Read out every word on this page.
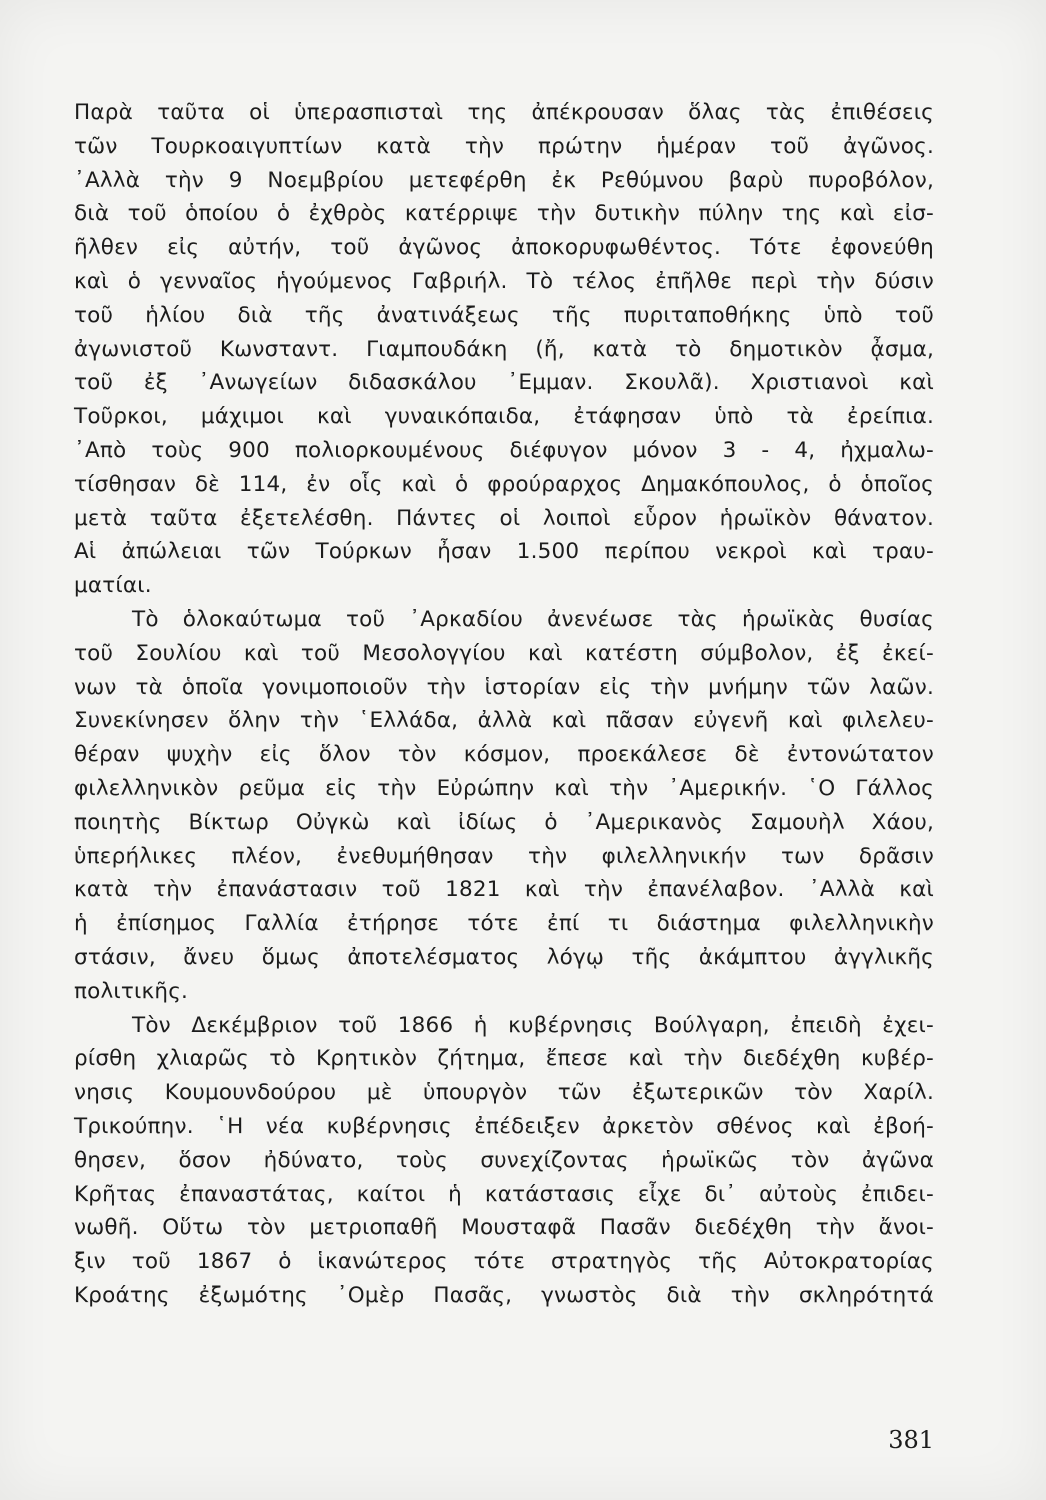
Παρὰ ταῦτα οἱ ὑπερασπισταὶ της ἀπέκρουσαν ὅλας τὰς ἐπιθέσεις
τῶν Τουρκοαιγυπτίων κατὰ τὴν πρώτην ἡμέραν τοῦ ἀγῶνος.
᾿Αλλὰ τὴν 9 Νοεμβρίου μετεφέρθη ἐκ Ρεθύμνου βαρὺ πυροβόλον,
διὰ τοῦ ὁποίου ὁ ἐχθρὸς κατέρριψε τὴν δυτικὴν πύλην της καὶ εἰσ-
ῆλθεν εἰς αὐτήν, τοῦ ἀγῶνος ἀποκορυφωθέντος. Τότε ἐφονεύθη
καὶ ὁ γενναῖος ἡγούμενος Γαβριήλ. Τὸ τέλος ἐπῆλθε περὶ τὴν δύσιν
τοῦ ἡλίου διὰ τῆς ἀνατινάξεως τῆς πυριταποθήκης ὑπὸ τοῦ
ἀγωνιστοῦ Κωνσταντ. Γιαμπουδάκη (ἤ, κατὰ τὸ δημοτικὸν ᾆσμα,
τοῦ ἐξ ᾿Ανωγείων διδασκάλου ᾿Εμμαν. Σκουλᾶ). Χριστιανοὶ καὶ
Τοῦρκοι, μάχιμοι καὶ γυναικόπαιδα, ἐτάφησαν ὑπὸ τὰ ἐρείπια.
᾿Απὸ τοὺς 900 πολιορκουμένους διέφυγον μόνον 3 - 4, ἠχμαλω-
τίσθησαν δὲ 114, ἐν οἷς καὶ ὁ φρούραρχος Δημακόπουλος, ὁ ὁποῖος
μετὰ ταῦτα ἐξετελέσθη. Πάντες οἱ λοιποὶ εὗρον ἡρωϊκὸν θάνατον.
Αἱ ἀπώλειαι τῶν Τούρκων ἦσαν 1.500 περίπου νεκροὶ καὶ τραυ-
ματίαι.
Τὸ ὁλοκαύτωμα τοῦ ᾿Αρκαδίου ἀνενέωσε τὰς ἡρωϊκὰς θυσίας
τοῦ Σουλίου καὶ τοῦ Μεσολογγίου καὶ κατέστη σύμβολον, ἐξ ἐκεί-
νων τὰ ὁποῖα γονιμοποιοῦν τὴν ἱστορίαν εἰς τὴν μνήμην τῶν λαῶν.
Συνεκίνησεν ὅλην τὴν ῾Ελλάδα, ἀλλὰ καὶ πᾶσαν εὐγενῆ καὶ φιλελευ-
θέραν ψυχὴν εἰς ὅλον τὸν κόσμον, προεκάλεσε δὲ ἐντονώτατον
φιλελληνικὸν ρεῦμα εἰς τὴν Εὐρώπην καὶ τὴν ᾿Αμερικήν. ῾Ο Γάλλος
ποιητὴς Βίκτωρ Οὐγκὼ καὶ ἰδίως ὁ ᾿Αμερικανὸς Σαμουὴλ Χάου,
ὑπερήλικες πλέον, ἐνεθυμήθησαν τὴν φιλελληνικήν των δρᾶσιν
κατὰ τὴν ἐπανάστασιν τοῦ 1821 καὶ τὴν ἐπανέλαβον. ᾿Αλλὰ καὶ
ἡ ἐπίσημος Γαλλία ἐτήρησε τότε ἐπί τι διάστημα φιλελληνικὴν
στάσιν, ἄνευ ὅμως ἀποτελέσματος λόγῳ τῆς ἀκάμπτου ἀγγλικῆς
πολιτικῆς.
Τὸν Δεκέμβριον τοῦ 1866 ἡ κυβέρνησις Βούλγαρη, ἐπειδὴ ἐχει-
ρίσθη χλιαρῶς τὸ Κρητικὸν ζήτημα, ἔπεσε καὶ τὴν διεδέχθη κυβέρ-
νησις Κουμουνδούρου μὲ ὑπουργὸν τῶν ἐξωτερικῶν τὸν Χαρίλ.
Τρικούπην. ῾Η νέα κυβέρνησις ἐπέδειξεν ἀρκετὸν σθένος καὶ ἐβοή-
θησεν, ὅσον ἠδύνατο, τοὺς συνεχίζοντας ἡρωϊκῶς τὸν ἀγῶνα
Κρῆτας ἐπαναστάτας, καίτοι ἡ κατάστασις εἶχε δι᾿ αὐτοὺς ἐπιδει-
νωθῆ. Οὕτω τὸν μετριοπαθῆ Μουσταφᾶ Πασᾶν διεδέχθη τὴν ἄνοι-
ξιν τοῦ 1867 ὁ ἱκανώτερος τότε στρατηγὸς τῆς Αὐτοκρατορίας
Κροάτης ἐξωμότης ᾿Ομὲρ Πασᾶς, γνωστὸς διὰ τὴν σκληρότητά
381
